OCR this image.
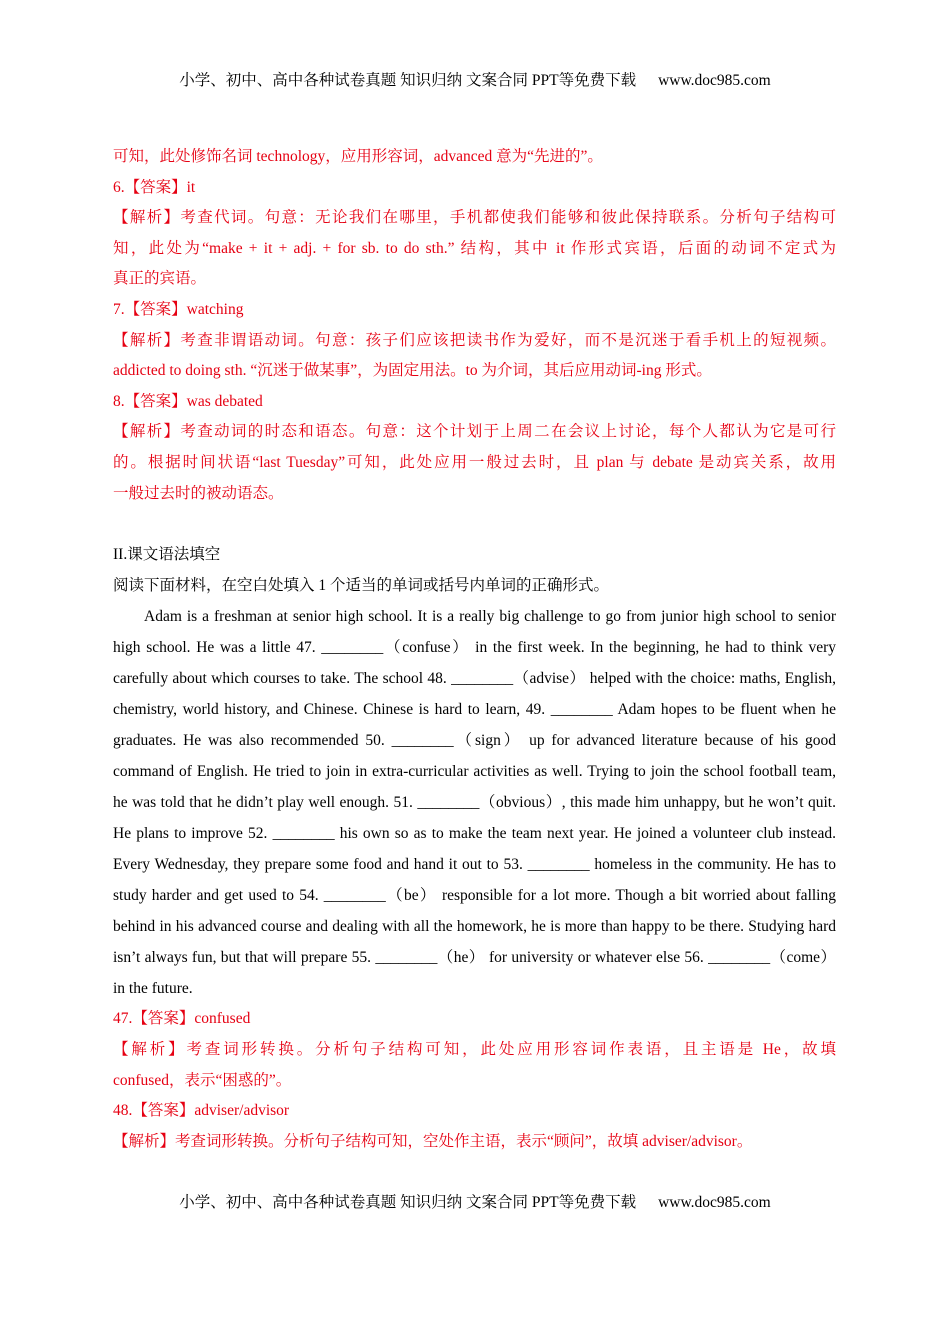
小学、初中、高中各种试卷真题 知识归纳 文案合同 PPT等免费下载 www.doc985.com
可知，此处修饰名词 technology，应用形容词，advanced 意为“先进的”。
6.【答案】it
【解析】考查代词。句意：无论我们在哪里，手机都使我们能够和彼此保持联系。分析句子结构可
知，此处为“make + it + adj. + for sb. to do sth.” 结构，其中 it 作形式宾语，后面的动词不定式为
真正的宾语。
7.【答案】watching
【解析】考查非谓语动词。句意：孩子们应该把读书作为爱好，而不是沉迷于看手机上的短视频。
addicted to doing sth. “沉迷于做某事”，为固定用法。to 为介词，其后应用动词-ing 形式。
8.【答案】was debated
【解析】考查动词的时态和语态。句意：这个计划于上周二在会议上讨论，每个人都认为它是可行
的。根据时间状语“last Tuesday”可知，此处应用一般过去时，且 plan 与 debate 是动宾关系，故用
一般过去时的被动语态。
II.课文语法填空
阅读下面材料，在空白处填入 1 个适当的单词或括号内单词的正确形式。
Adam is a freshman at senior high school. It is a really big challenge to go from junior high school to senior high school. He was a little 47. ________（confuse） in the first week. In the beginning, he had to think very carefully about which courses to take. The school 48. ________（advise） helped with the choice: maths, English, chemistry, world history, and Chinese. Chinese is hard to learn, 49. ________ Adam hopes to be fluent when he graduates. He was also recommended 50. ________（sign） up for advanced literature because of his good command of English. He tried to join in extra-curricular activities as well. Trying to join the school football team, he was told that he didn’t play well enough. 51. ________（obvious）, this made him unhappy, but he won’t quit. He plans to improve 52. ________ his own so as to make the team next year. He joined a volunteer club instead. Every Wednesday, they prepare some food and hand it out to 53. ________ homeless in the community. He has to study harder and get used to 54. ________（be） responsible for a lot more. Though a bit worried about falling behind in his advanced course and dealing with all the homework, he is more than happy to be there. Studying hard isn’t always fun, but that will prepare 55. ________（he） for university or whatever else 56. ________（come） in the future.
47.【答案】confused
【解析】考查词形转换。分析句子结构可知，此处应用形容词作表语，且主语是 He，故填
confused，表示“困惑的”。
48.【答案】adviser/advisor
【解析】考查词形转换。分析句子结构可知，空处作主语，表示“顾问”，故填 adviser/advisor。
小学、初中、高中各种试卷真题 知识归纳 文案合同 PPT等免费下载 www.doc985.com
